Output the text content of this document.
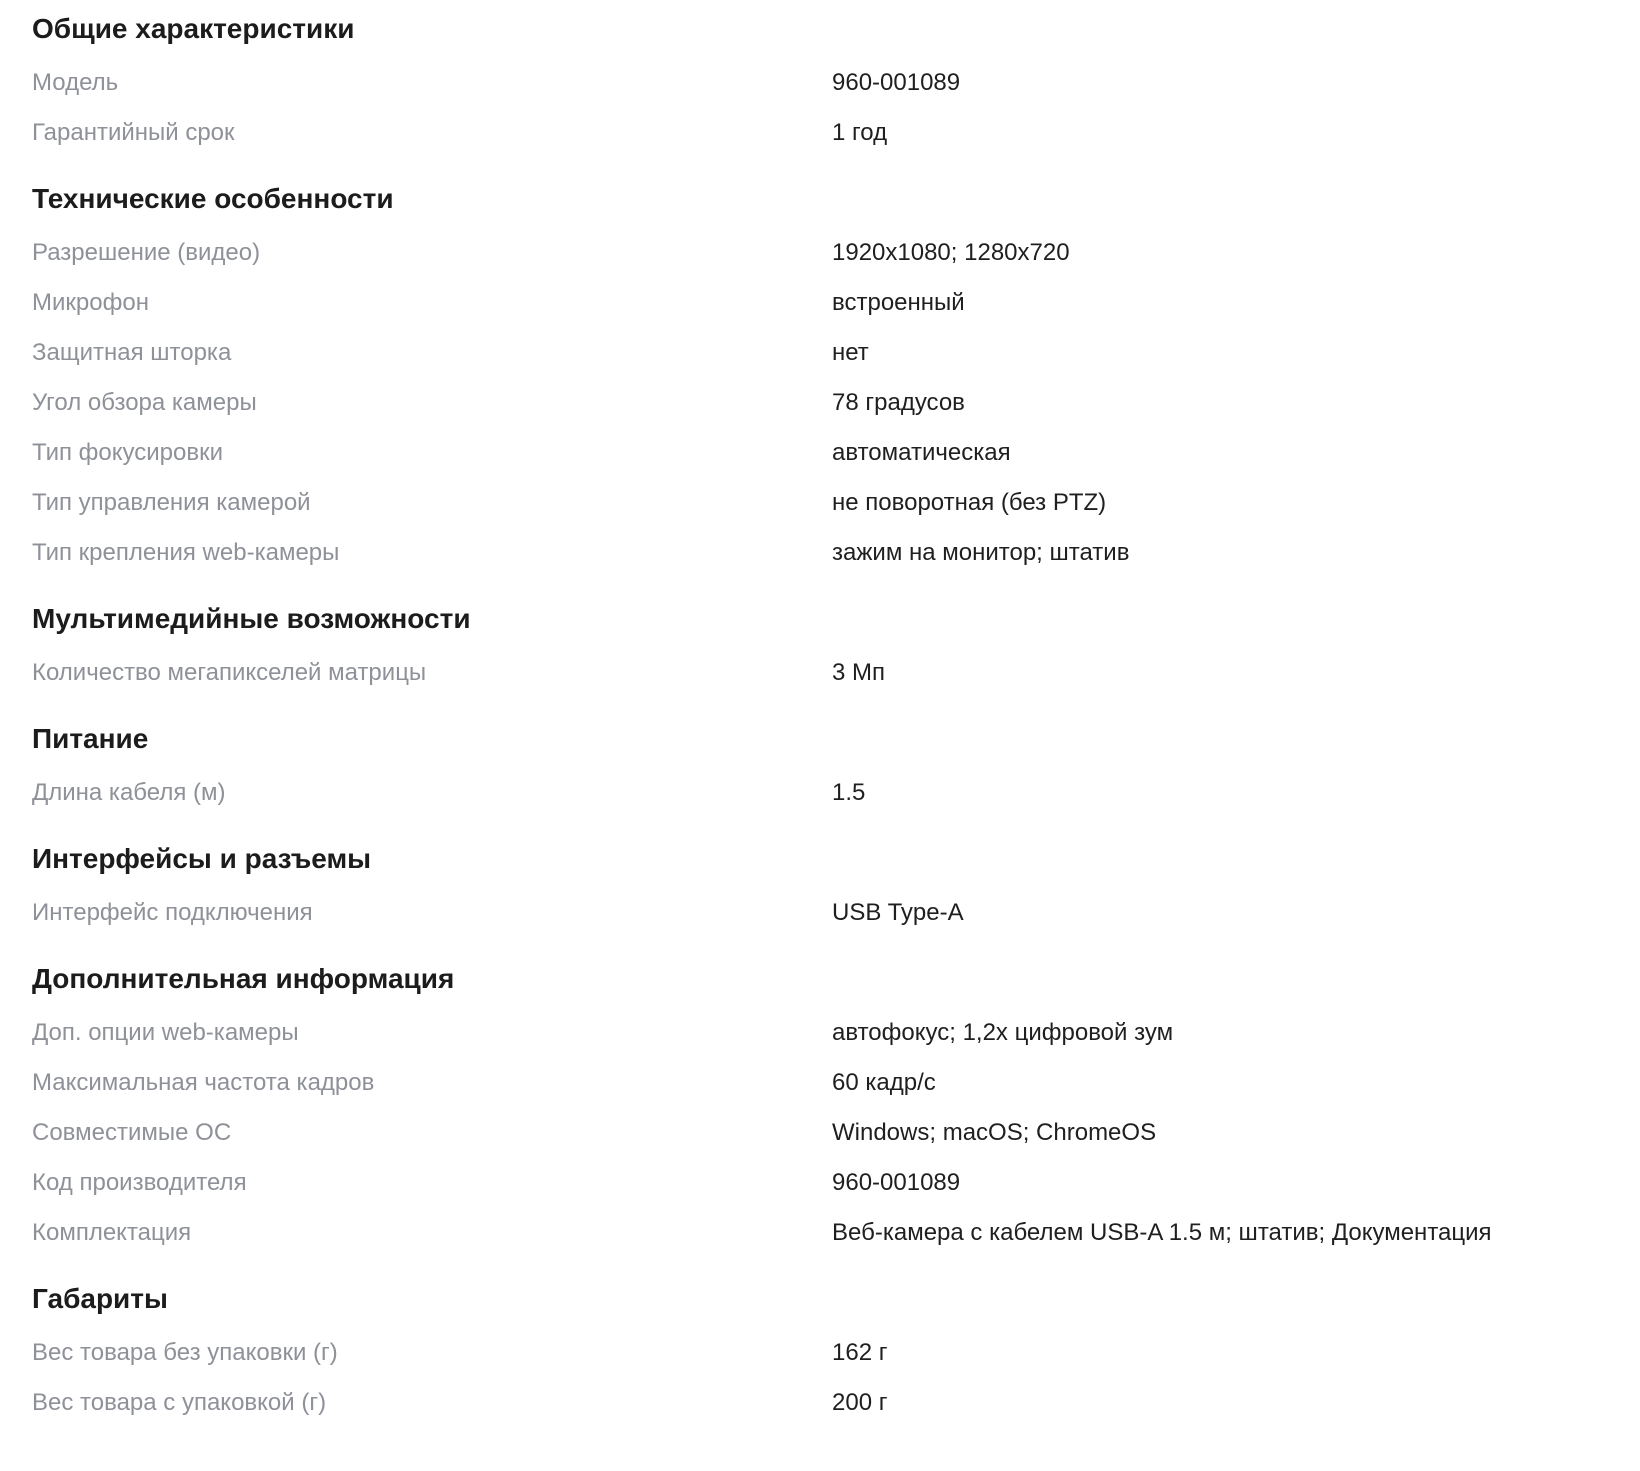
Общие характеристики
Модель	960-001089
Гарантийный срок	1 год
Технические особенности
Разрешение (видео)	1920x1080; 1280x720
Микрофон	встроенный
Защитная шторка	нет
Угол обзора камеры	78 градусов
Тип фокусировки	автоматическая
Тип управления камерой	не поворотная (без PTZ)
Тип крепления web-камеры	зажим на монитор; штатив
Мультимедийные возможности
Количество мегапикселей матрицы	3 Мп
Питание
Длина кабеля (м)	1.5
Интерфейсы и разъемы
Интерфейс подключения	USB Type-A
Дополнительная информация
Доп. опции web-камеры	автофокус; 1,2x цифровой зум
Максимальная частота кадров	60 кадр/с
Совместимые ОС	Windows; macOS; ChromeOS
Код производителя	960-001089
Комплектация	Веб-камера с кабелем USB-A 1.5 м; штатив; Документация
Габариты
Вес товара без упаковки (г)	162 г
Вес товара с упаковкой (г)	200 г
